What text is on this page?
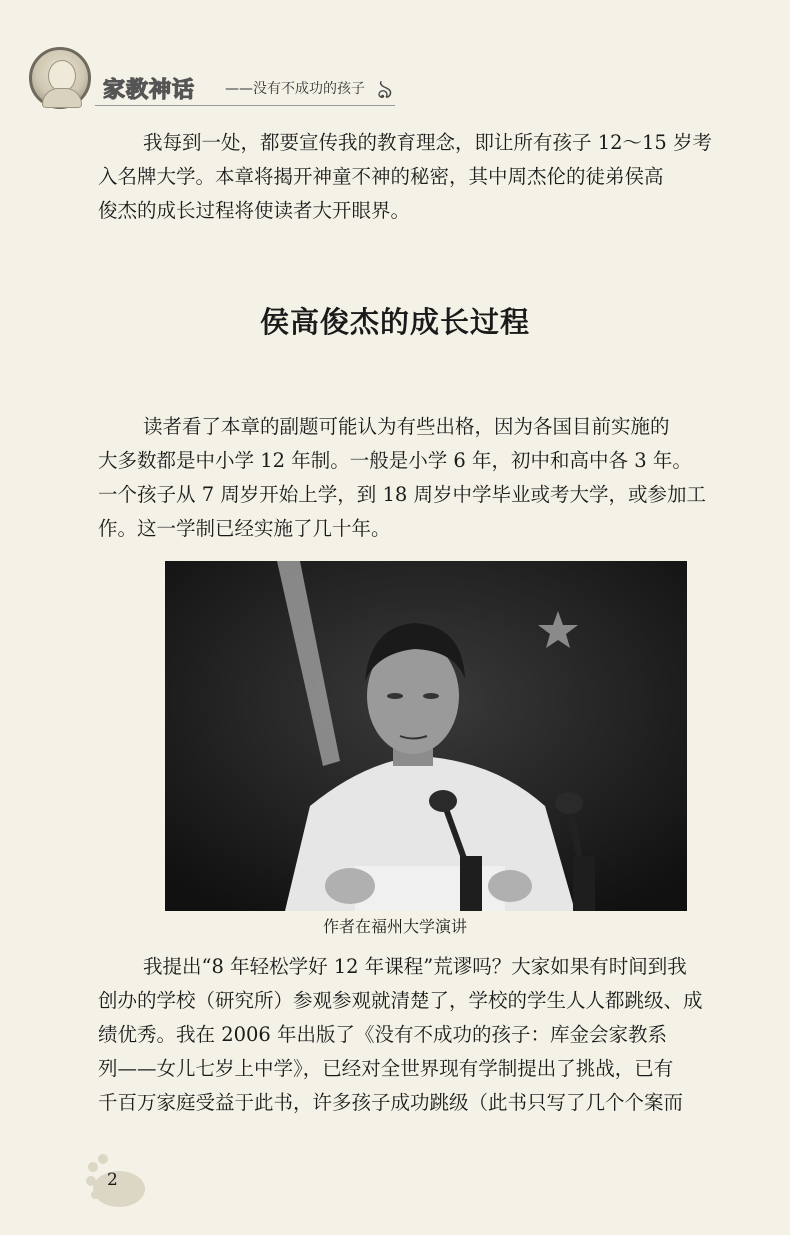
家教神话 ——没有不成功的孩子 ঌ

我每到一处，都要宣传我的教育理念，即让所有孩子 12～15 岁考
入名牌大学。本章将揭开神童不神的秘密，其中周杰伦的徒弟侯高
俊杰的成长过程将使读者大开眼界。

侯高俊杰的成长过程

读者看了本章的副题可能认为有些出格，因为各国目前实施的
大多数都是中小学 12 年制。一般是小学 6 年，初中和高中各 3 年。
一个孩子从 7 周岁开始上学，到 18 周岁中学毕业或考大学，或参加工
作。这一学制已经实施了几十年。

作者在福州大学演讲

我提出“8 年轻松学好 12 年课程”荒谬吗？大家如果有时间到我
创办的学校（研究所）参观参观就清楚了，学校的学生人人都跳级、成
绩优秀。我在 2006 年出版了《没有不成功的孩子：库金会家教系
列——女儿七岁上中学》，已经对全世界现有学制提出了挑战，已有
千百万家庭受益于此书，许多孩子成功跳级（此书只写了几个个案而

2
